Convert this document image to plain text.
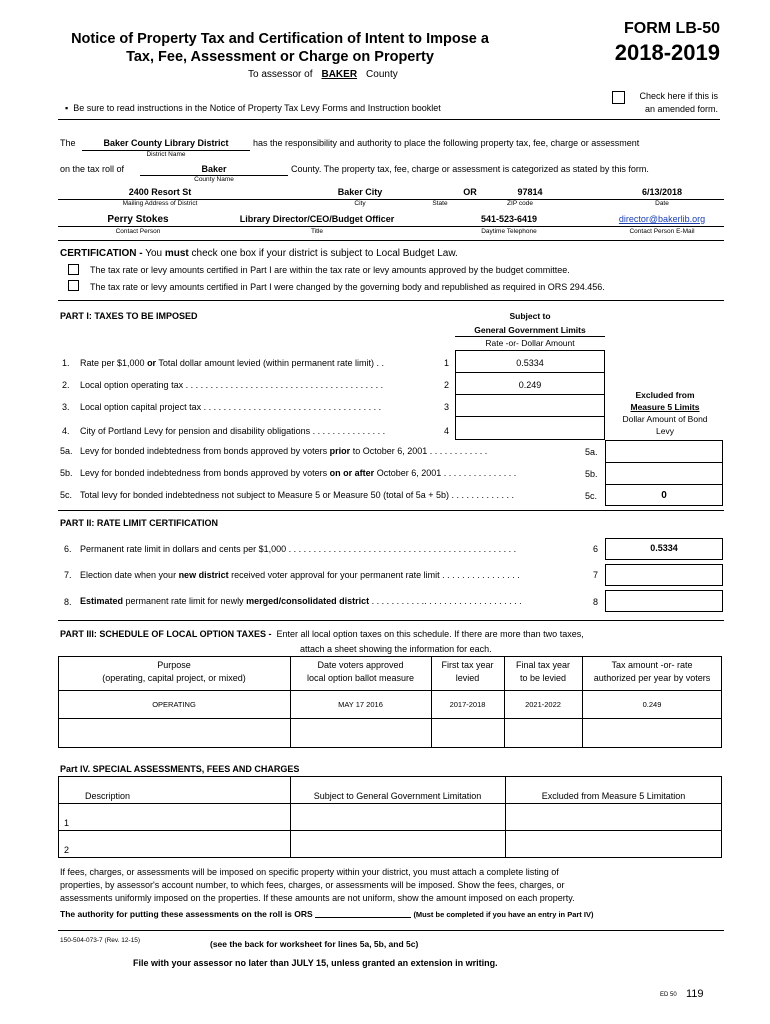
Notice of Property Tax and Certification of Intent to Impose a
Tax, Fee, Assessment or Charge on Property
FORM LB-50
2018-2019
To assessor of BAKER County
Check here if this is
an amended form.
▪ Be sure to read instructions in the Notice of Property Tax Levy Forms and Instruction booklet
The	Baker County Library District
District Name
has the responsibility and authority to place the following property tax, fee, charge or assessment
on the tax roll of	Baker
County Name
County. The property tax, fee, charge or assessment is categorized as stated by this form.
2400 Resort St	Baker City	OR	97814	6/13/2018
Mailing Address of District	City	State	ZIP code	Date
Perry Stokes	Library Director/CEO/Budget Officer	541-523-6419	director@bakerlib.org
Contact Person	Title	Daytime Telephone	Contact Person E-Mail
CERTIFICATION - You must check one box if your district is subject to Local Budget Law.
The tax rate or levy amounts certified in Part I are within the tax rate or levy amounts approved by the budget committee.
The tax rate or levy amounts certified in Part I were changed by the governing body and republished as required in ORS 294.456.
PART I: TAXES TO BE IMPOSED	Subject to
General Government Limits
Rate -or- Dollar Amount
Excluded from
Measure 5 Limits
Dollar Amount of Bond
Levy
1. Rate per $1,000 or Total dollar amount levied (within permanent rate limit) . .	1	0.5334
2. Local option operating tax . . . . . . . . . . . . . . . . . . . . . . . . . . . . . . . . . . . . . . . .	2	0.249
3. Local option capital project tax . . . . . . . . . . . . . . . . . . . . . . . . . . . . . . . . . . . .	3
4. City of Portland Levy for pension and disability obligations . . . . . . . . . . . . . . .	4
5a. Levy for bonded indebtedness from bonds approved by voters prior to October 6, 2001 . . . . . . . . . . . .	5a.
5b. Levy for bonded indebtedness from bonds approved by voters on or after October 6, 2001 . . . . . . . . . . . . . . .	5b.
5c. Total levy for bonded indebtedness not subject to Measure 5 or Measure 50 (total of 5a + 5b) . . . . . . . . . . . . .	5c.	0
PART II: RATE LIMIT CERTIFICATION
6. Permanent rate limit in dollars and cents per $1,000 . . . . . . . . . . . . . . . . . . . . . . . . . . . . . . . . . . . . . . . . . . . . . .	6	0.5334
7. Election date when your new district received voter approval for your permanent rate limit . . . . . . . . . . . . . . . .	7
8. Estimated permanent rate limit for newly merged/consolidated district . . . . . . . . . . .. . . . . . . . . . . . . . . . . . . .	8
PART III: SCHEDULE OF LOCAL OPTION TAXES - Enter all local option taxes on this schedule. If there are more than two taxes,
attach a sheet showing the information for each.
Purpose
(operating, capital project, or mixed)
Date voters approved
local option ballot measure
First tax year
levied
Final tax year
to be levied
Tax amount -or- rate
authorized per year by voters
OPERATING	MAY 17 2016	2017-2018	2021-2022	0.249
Part IV. SPECIAL ASSESSMENTS, FEES AND CHARGES
Description	Subject to General Government Limitation	Excluded from Measure 5 Limitation
1
2
If fees, charges, or assessments will be imposed on specific property within your district, you must attach a complete listing of
properties, by assessor's account number, to which fees, charges, or assessments will be imposed. Show the fees, charges, or
assessments uniformly imposed on the properties. If these amounts are not uniform, show the amount imposed on each property.
The authority for putting these assessments on the roll is ORS	(Must be completed if you have an entry in Part IV)
150-504-073-7 (Rev. 12-15)	(see the back for worksheet for lines 5a, 5b, and 5c)
File with your assessor no later than JULY 15, unless granted an extension in writing.
ED 50 119
